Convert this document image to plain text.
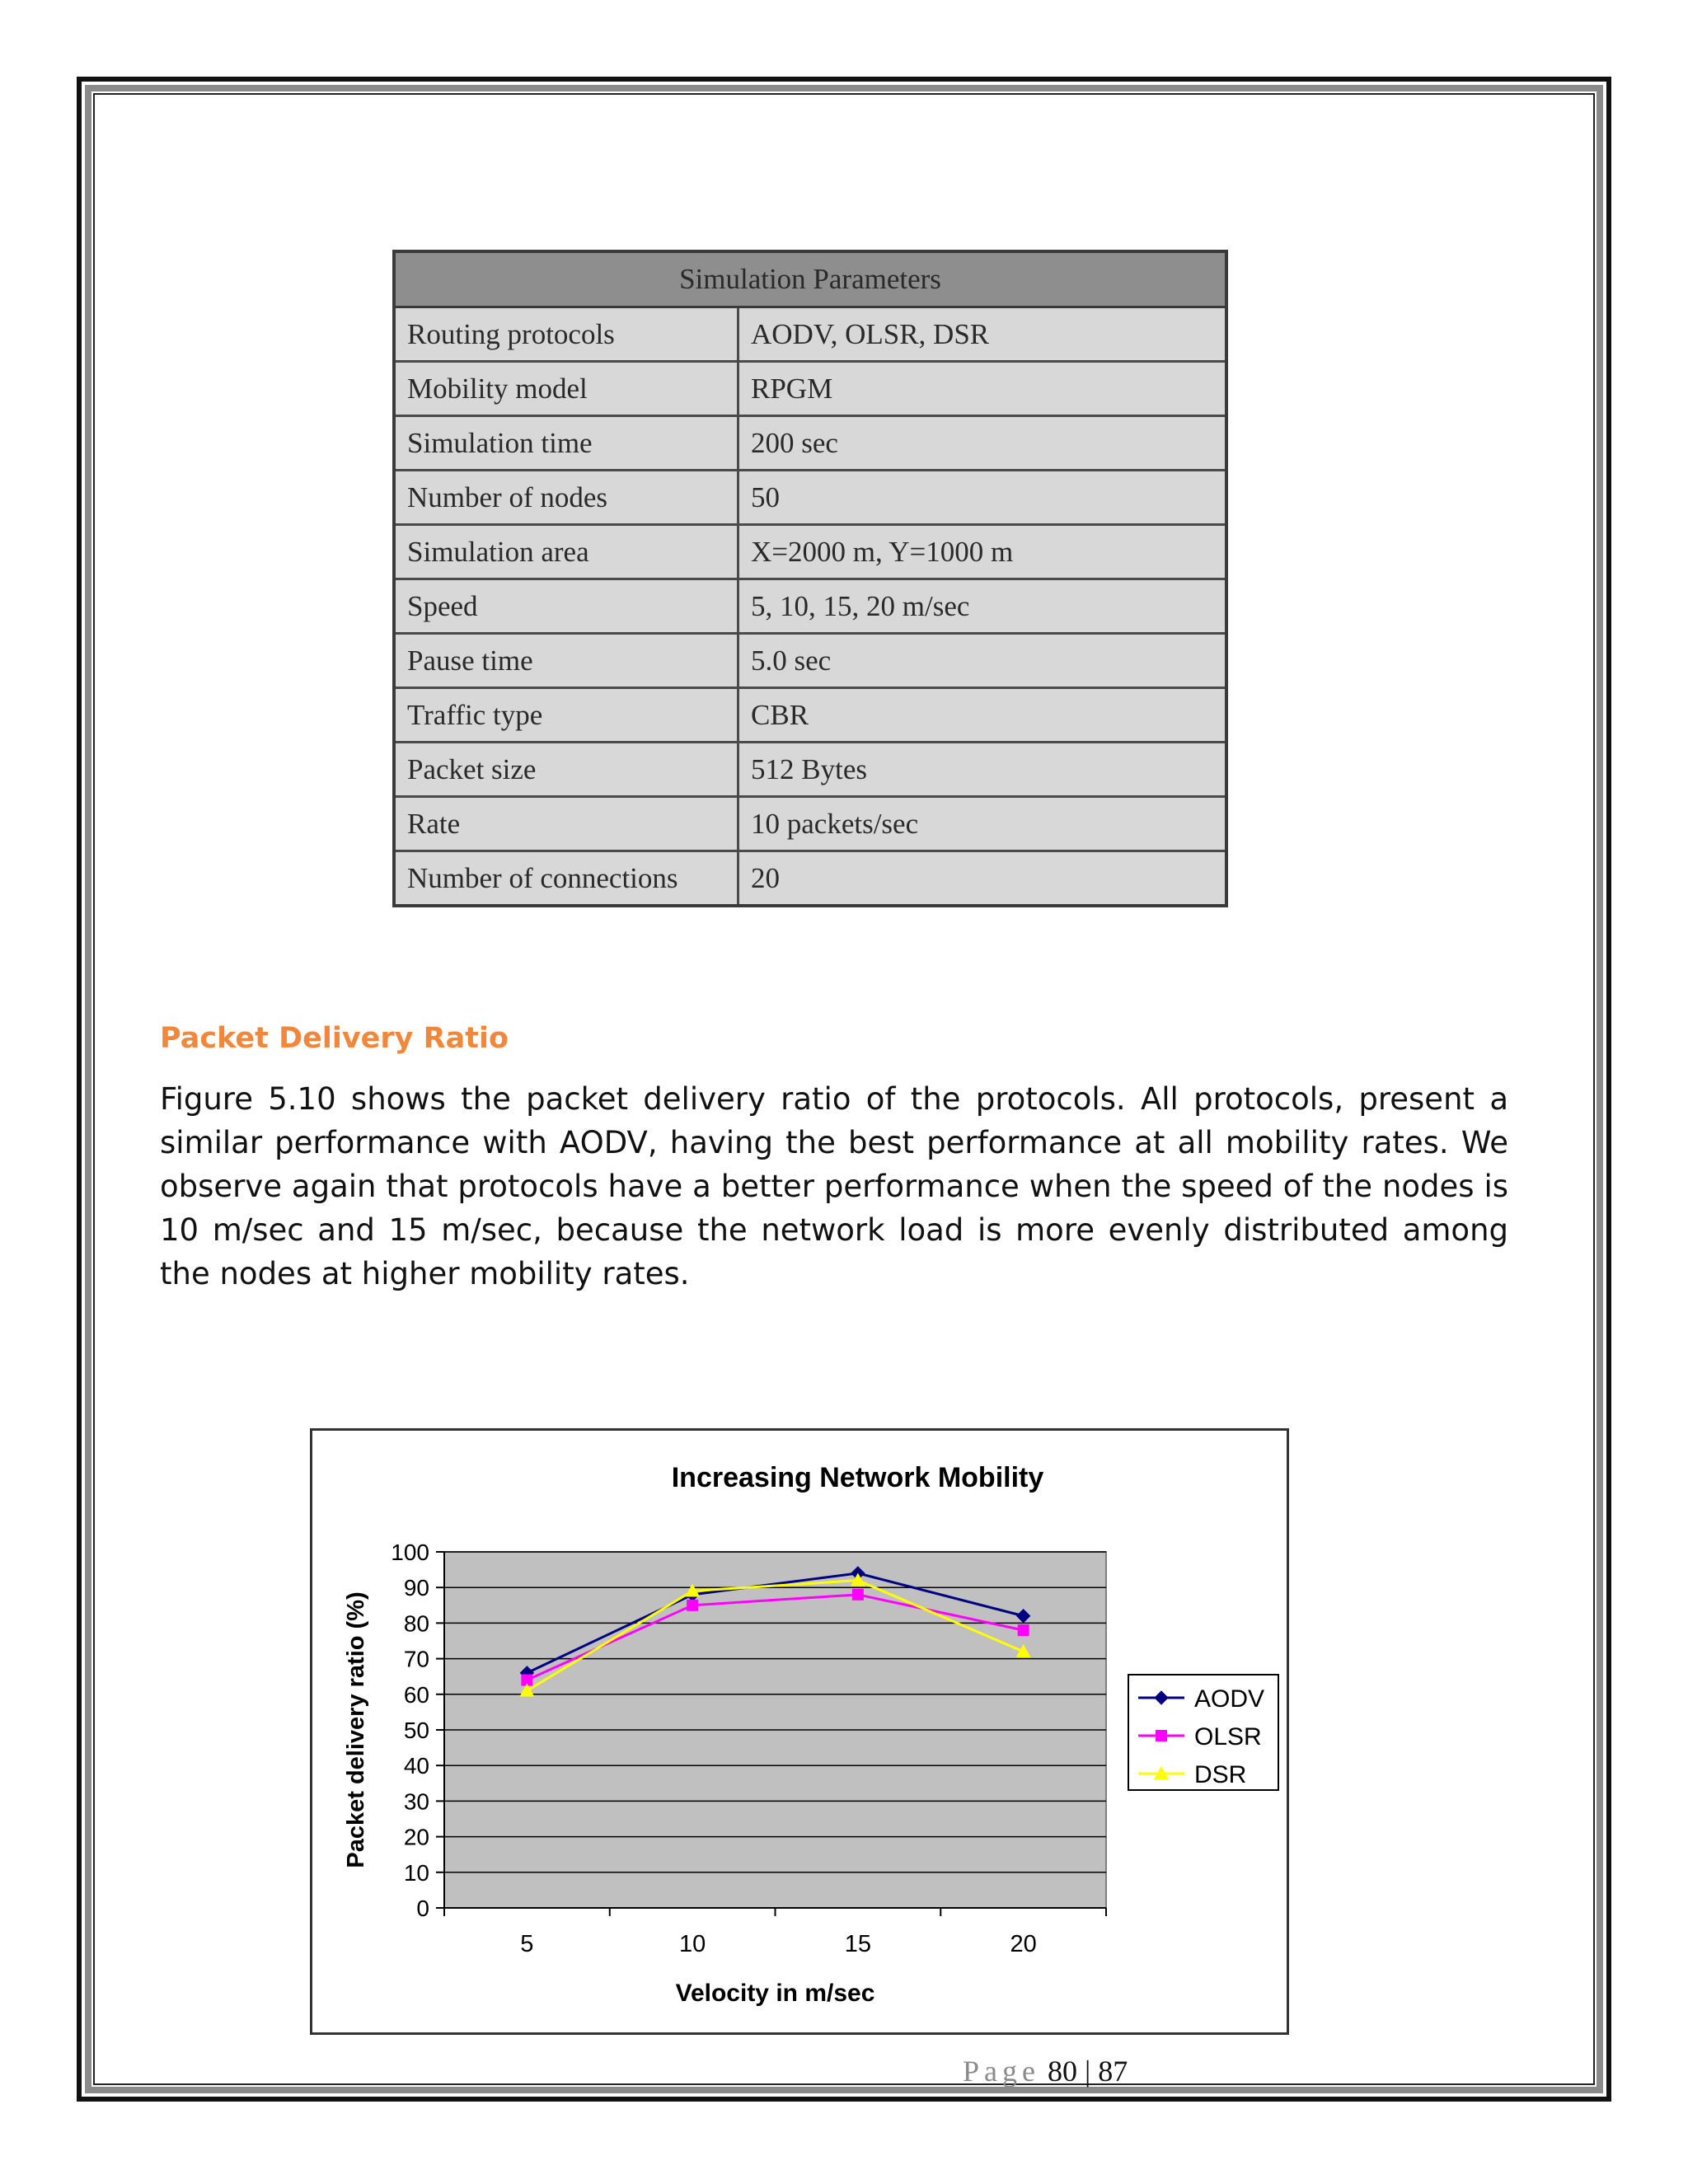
Simulation Parameters	
Routing protocols	AODV, OLSR, DSR
Mobility model	RPGM
Simulation time	200 sec
Number of nodes	50
Simulation area	X=2000 m, Y=1000 m
Speed	5, 10, 15, 20 m/sec
Pause time	5.0 sec
Traffic type	CBR
Packet size	512 Bytes
Rate	10 packets/sec
Number of connections	20
Packet Delivery Ratio

Figure 5.10 shows the packet delivery ratio of the protocols. All protocols, present a similar performance with AODV, having the best performance at all mobility rates. We observe again that protocols have a better performance when the speed of the nodes is 10 m/sec and 15 m/sec, because the network load is more evenly distributed among the nodes at higher mobility rates.

0
10
20
30
40
50
60
70
80
90
100
5	10	15	20
Increasing Network Mobility
Velocity in m/sec
Packet delivery ratio (%)	AODV
OLSR
DSR
Page 80 | 87
